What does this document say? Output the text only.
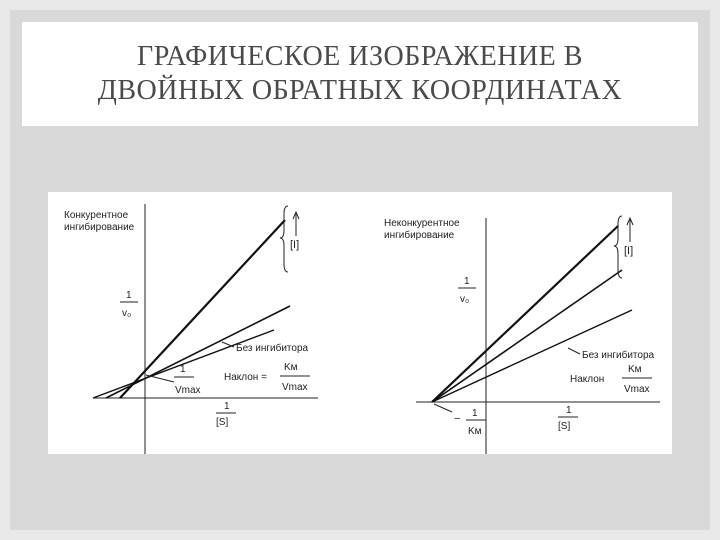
ГРАФИЧЕСКОЕ ИЗОБРАЖЕНИЕ В
ДВОЙНЫХ ОБРАТНЫХ КООРДИНАТАХ
Конкурентное
ингибирование
1
v₀
[I]
Без ингибитора
1
Vmax
Наклон =
Kм
Vmax
1
[S]
Неконкурентное
ингибирование
1
v₀
[I]
Без ингибитора
Наклон
Kм
Vmax
− 1
Kм
1
[S]
